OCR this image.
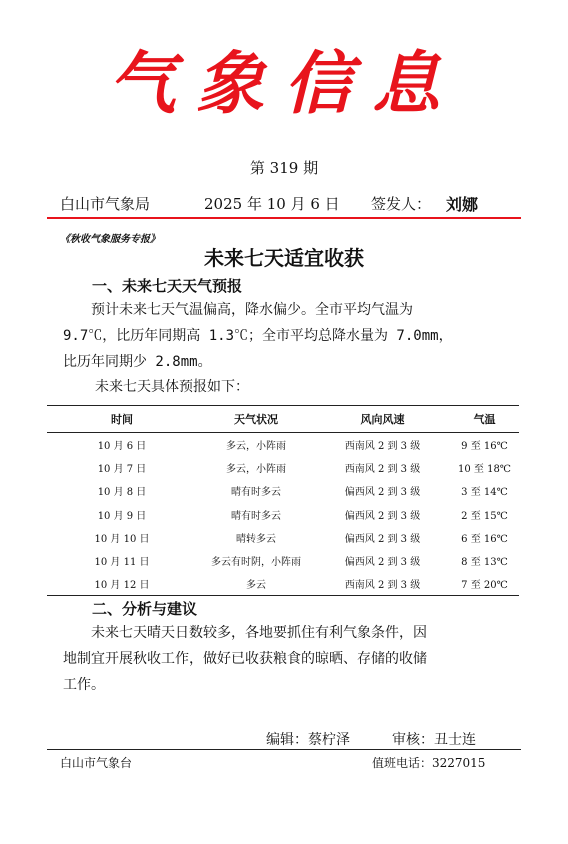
气象信息
第 319 期
白山市气象局	2025 年 10 月 6 日 签发人： 刘娜
《秋收气象服务专报》
未来七天适宜收获
一、未来七天天气预报
预计未来七天气温偏高，降水偏少。全市平均气温为
9.7℃，比历年同期高 1.3℃；全市平均总降水量为 7.0mm，
比历年同期少 2.8mm。
未来七天具体预报如下：
时间	天气状况	风向风速	气温
10 月 6 日	多云，小阵雨	西南风 2 到 3 级	9 至 16℃
10 月 7 日	多云，小阵雨	西南风 2 到 3 级	10 至 18℃
10 月 8 日	晴有时多云	偏西风 2 到 3 级	3 至 14℃
10 月 9 日	晴有时多云	偏西风 2 到 3 级	2 至 15℃
10 月 10 日	晴转多云	偏西风 2 到 3 级	6 至 16℃
10 月 11 日	多云有时阴，小阵雨	偏西风 2 到 3 级	8 至 13℃
10 月 12 日	多云	西南风 2 到 3 级	7 至 20℃
二、分析与建议
未来七天晴天日数较多，各地要抓住有利气象条件，因
地制宜开展秋收工作，做好已收获粮食的晾晒、存储的收储
工作。
编辑：蔡柠泽	审核：丑士连
白山市气象台	值班电话：3227015
